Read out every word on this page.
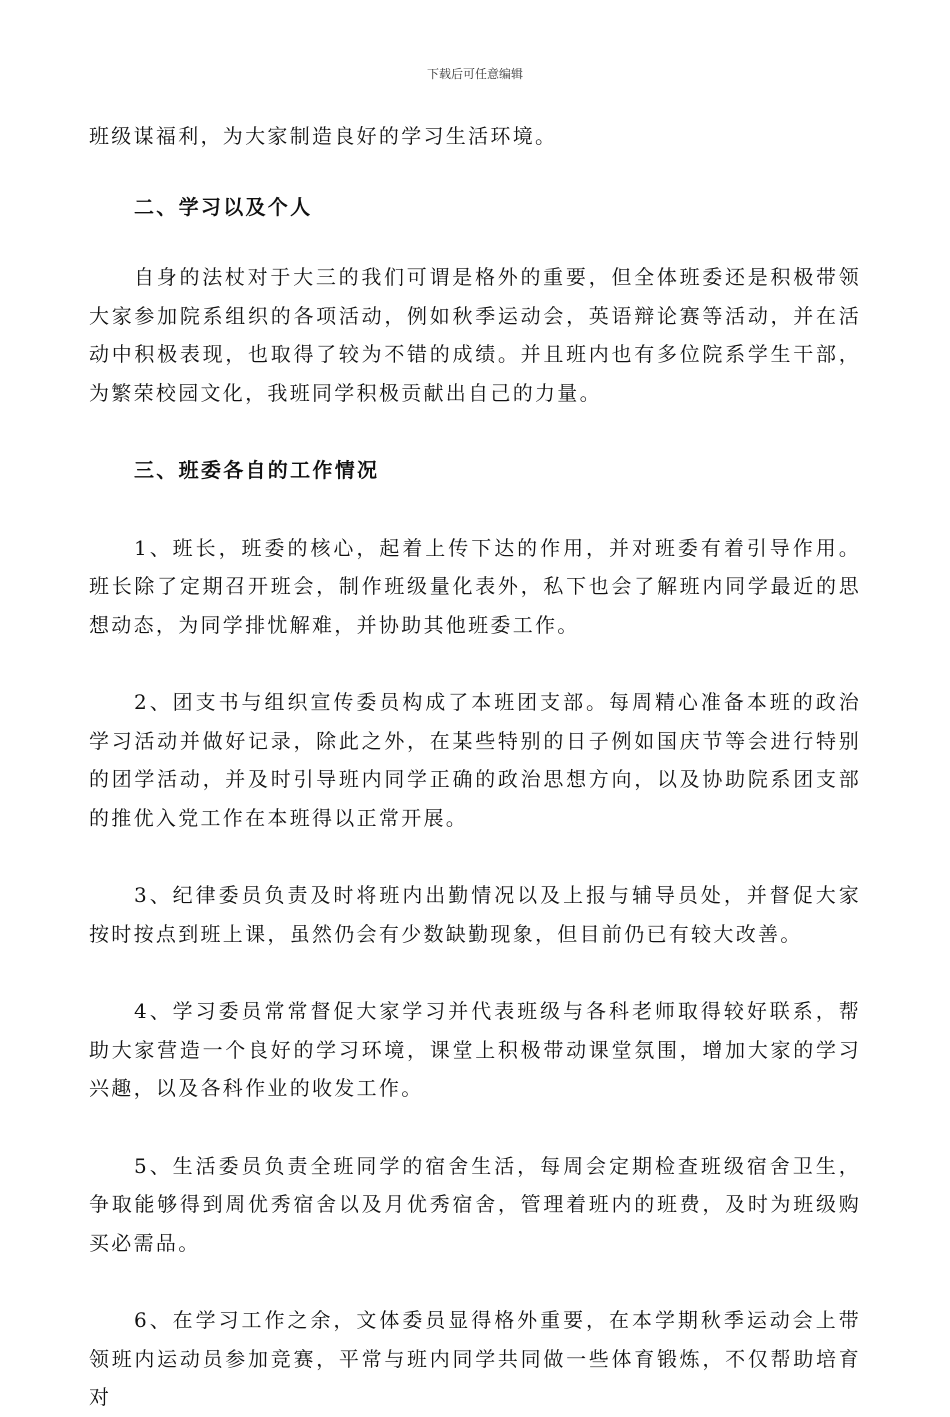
下载后可任意编辑

班级谋福利，为大家制造良好的学习生活环境。

二、学习以及个人

自身的法杖对于大三的我们可谓是格外的重要，但全体班委还是积极带领大家参加院系组织的各项活动，例如秋季运动会，英语辩论赛等活动，并在活动中积极表现，也取得了较为不错的成绩。并且班内也有多位院系学生干部，为繁荣校园文化，我班同学积极贡献出自己的力量。

三、班委各自的工作情况

1、班长，班委的核心，起着上传下达的作用，并对班委有着引导作用。班长除了定期召开班会，制作班级量化表外，私下也会了解班内同学最近的思想动态，为同学排忧解难，并协助其他班委工作。

2、团支书与组织宣传委员构成了本班团支部。每周精心准备本班的政治学习活动并做好记录，除此之外，在某些特别的日子例如国庆节等会进行特别的团学活动，并及时引导班内同学正确的政治思想方向，以及协助院系团支部的推优入党工作在本班得以正常开展。

3、纪律委员负责及时将班内出勤情况以及上报与辅导员处，并督促大家按时按点到班上课，虽然仍会有少数缺勤现象，但目前仍已有较大改善。

4、学习委员常常督促大家学习并代表班级与各科老师取得较好联系，帮助大家营造一个良好的学习环境，课堂上积极带动课堂氛围，增加大家的学习兴趣，以及各科作业的收发工作。

5、生活委员负责全班同学的宿舍生活，每周会定期检查班级宿舍卫生，争取能够得到周优秀宿舍以及月优秀宿舍，管理着班内的班费，及时为班级购买必需品。

6、在学习工作之余，文体委员显得格外重要，在本学期秋季运动会上带领班内运动员参加竞赛，平常与班内同学共同做一些体育锻炼，不仅帮助培育对
